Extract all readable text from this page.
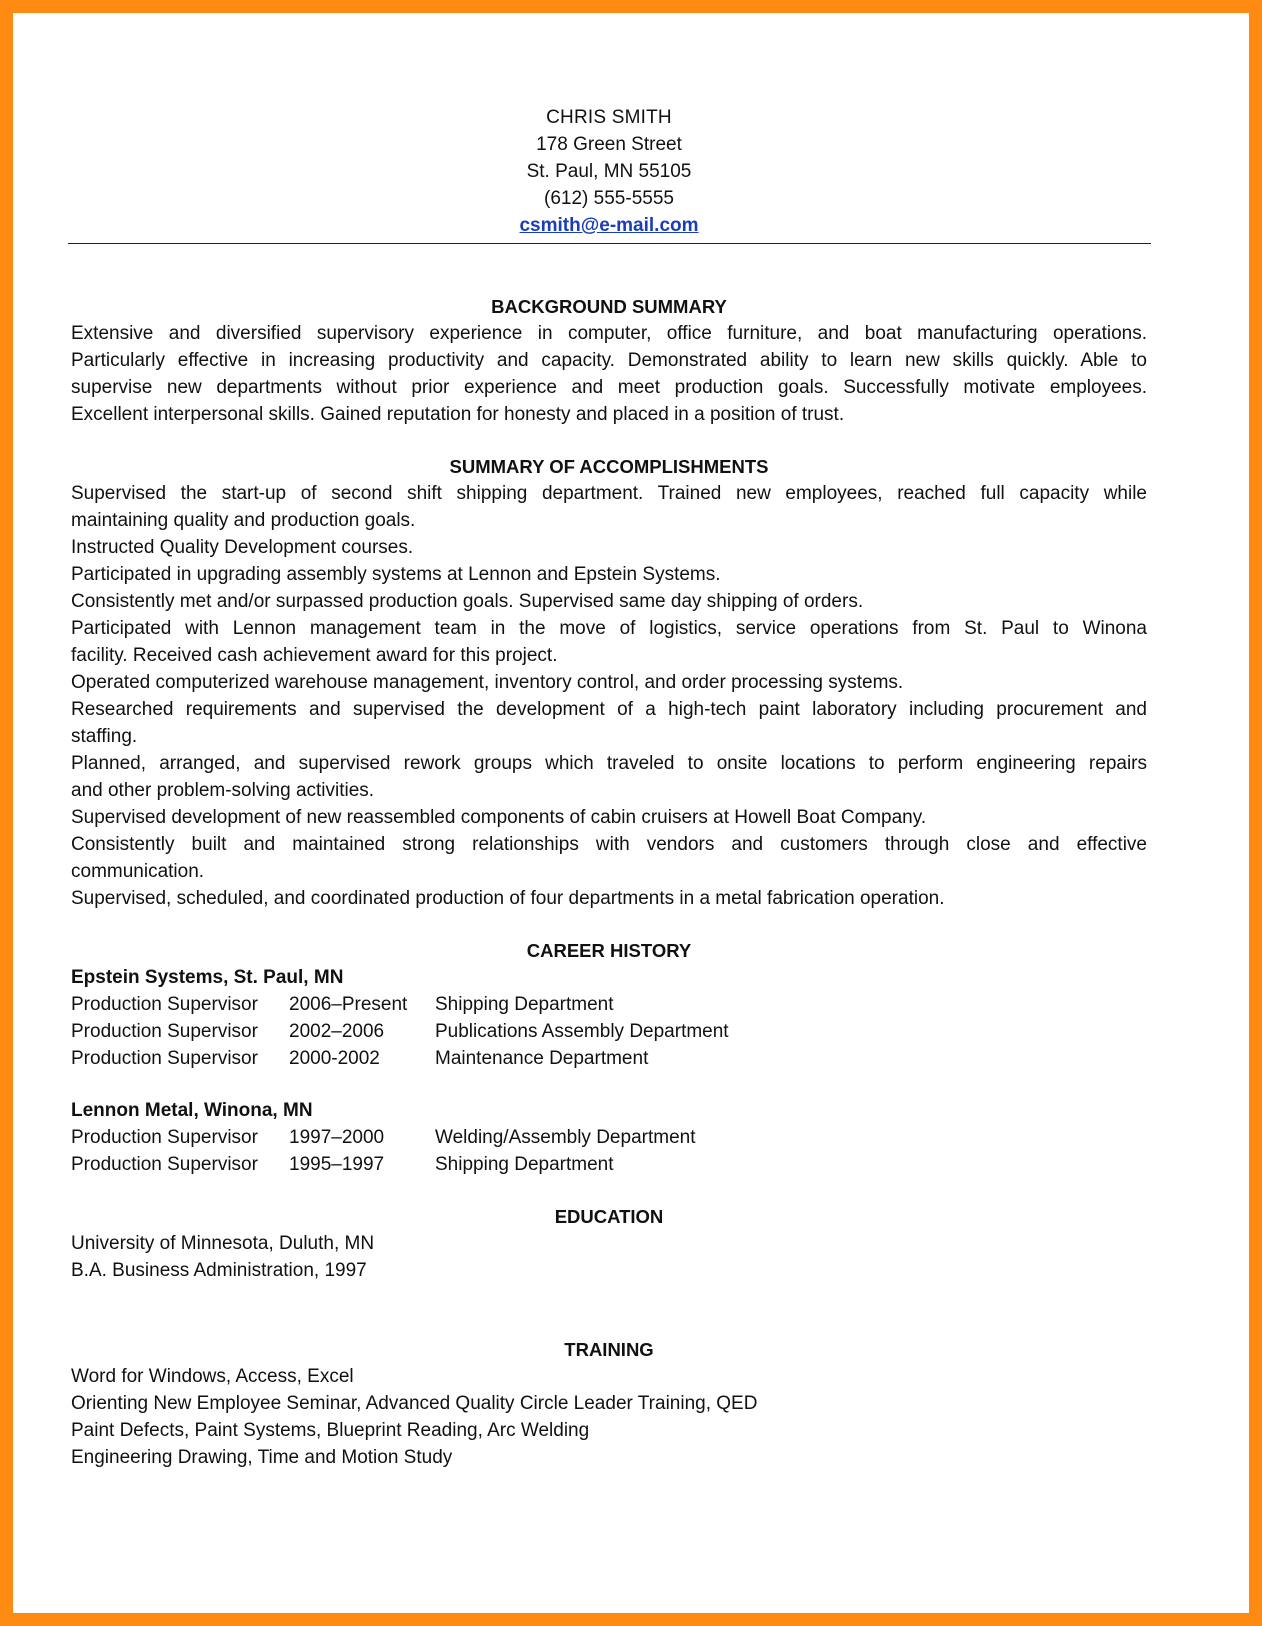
CHRIS SMITH
178 Green Street
St. Paul, MN 55105
(612) 555-5555
csmith@e-mail.com
BACKGROUND SUMMARY
Extensive and diversified supervisory experience in computer, office furniture, and boat manufacturing operations.
Particularly effective in increasing productivity and capacity. Demonstrated ability to learn new skills quickly. Able to
supervise new departments without prior experience and meet production goals. Successfully motivate employees.
Excellent interpersonal skills. Gained reputation for honesty and placed in a position of trust.
SUMMARY OF ACCOMPLISHMENTS
Supervised the start-up of second shift shipping department. Trained new employees, reached full capacity while
maintaining quality and production goals.
Instructed Quality Development courses.
Participated in upgrading assembly systems at Lennon and Epstein Systems.
Consistently met and/or surpassed production goals. Supervised same day shipping of orders.
Participated with Lennon management team in the move of logistics, service operations from St. Paul to Winona
facility. Received cash achievement award for this project.
Operated computerized warehouse management, inventory control, and order processing systems.
Researched requirements and supervised the development of a high-tech paint laboratory including procurement and
staffing.
Planned, arranged, and supervised rework groups which traveled to onsite locations to perform engineering repairs
and other problem-solving activities.
Supervised development of new reassembled components of cabin cruisers at Howell Boat Company.
Consistently built and maintained strong relationships with vendors and customers through close and effective
communication.
Supervised, scheduled, and coordinated production of four departments in a metal fabrication operation.
CAREER HISTORY
Epstein Systems, St. Paul, MN
Production Supervisor	2006–Present	Shipping Department
Production Supervisor	2002–2006	Publications Assembly Department
Production Supervisor	2000-2002	Maintenance Department
Lennon Metal, Winona, MN
Production Supervisor	1997–2000	Welding/Assembly Department
Production Supervisor	1995–1997	Shipping Department
EDUCATION
University of Minnesota, Duluth, MN
B.A. Business Administration, 1997
TRAINING
Word for Windows, Access, Excel
Orienting New Employee Seminar, Advanced Quality Circle Leader Training, QED
Paint Defects, Paint Systems, Blueprint Reading, Arc Welding
Engineering Drawing, Time and Motion Study
